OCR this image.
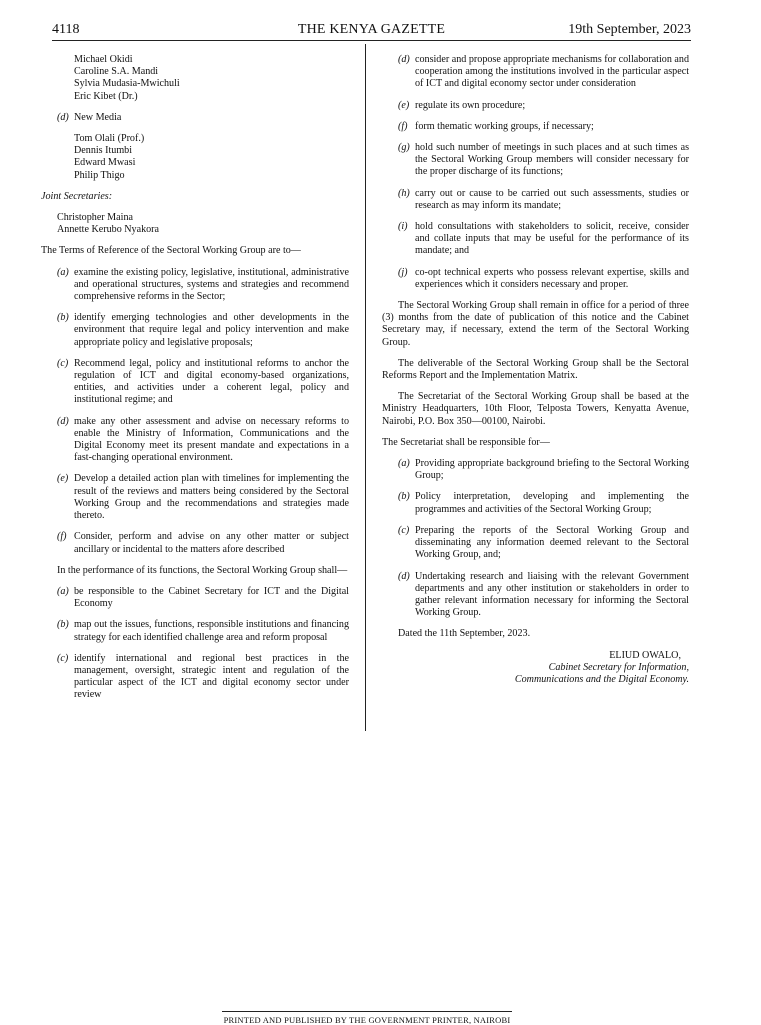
4118	THE KENYA GAZETTE	19th September, 2023

Michael Okidi

Caroline S.A. Mandi

Sylvia Mudasia-Mwichuli

Eric Kibet (Dr.)

(d) New Media

Tom Olali (Prof.)

Dennis Itumbi

Edward Mwasi

Philip Thigo

Joint Secretaries:

Christopher Maina

Annette Kerubo Nyakora

The Terms of Reference of the Sectoral Working Group are to—

(a) examine the existing policy, legislative, institutional, administrative and operational structures, systems and strategies and recommend comprehensive reforms in the Sector;
(b) identify emerging technologies and other developments in the environment that require legal and policy intervention and make appropriate policy and legislative proposals;
(c) Recommend legal, policy and institutional reforms to anchor the regulation of ICT and digital economy-based organizations, entities, and activities under a coherent legal, policy and institutional regime; and
(d) make any other assessment and advise on necessary reforms to enable the Ministry of Information, Communications and the Digital Economy meet its present mandate and expectations in a fast-changing operational environment.
(e) Develop a detailed action plan with timelines for implementing the result of the reviews and matters being considered by the Sectoral Working Group and the recommendations and strategies made thereto.
(f) Consider, perform and advise on any other matter or subject ancillary or incidental to the matters afore described

In the performance of its functions, the Sectoral Working Group shall—

(a) be responsible to the Cabinet Secretary for ICT and the Digital Economy
(b) map out the issues, functions, responsible institutions and financing strategy for each identified challenge area and reform proposal
(c) identify international and regional best practices in the management, oversight, strategic intent and regulation of the particular aspect of the ICT and digital economy sector under review
(d) consider and propose appropriate mechanisms for collaboration and cooperation among the institutions involved in the particular aspect of ICT and digital economy sector under consideration
(e) regulate its own procedure;
(f) form thematic working groups, if necessary;
(g) hold such number of meetings in such places and at such times as the Sectoral Working Group members will consider necessary for the proper discharge of its functions;
(h) carry out or cause to be carried out such assessments, studies or research as may inform its mandate;
(i) hold consultations with stakeholders to solicit, receive, consider and collate inputs that may be useful for the performance of its mandate; and
(j) co-opt technical experts who possess relevant expertise, skills and experiences which it considers necessary and proper.

The Sectoral Working Group shall remain in office for a period of three (3) months from the date of publication of this notice and the Cabinet Secretary may, if necessary, extend the term of the Sectoral Working Group.

The deliverable of the Sectoral Working Group shall be the Sectoral Reforms Report and the Implementation Matrix.

The Secretariat of the Sectoral Working Group shall be based at the Ministry Headquarters, 10th Floor, Telposta Towers, Kenyatta Avenue, Nairobi, P.O. Box 350—00100, Nairobi.

The Secretariat shall be responsible for—

(a) Providing appropriate background briefing to the Sectoral Working Group;
(b) Policy interpretation, developing and implementing the programmes and activities of the Sectoral Working Group;
(c) Preparing the reports of the Sectoral Working Group and disseminating any information deemed relevant to the Sectoral Working Group, and;
(d) Undertaking research and liaising with the relevant Government departments and any other institution or stakeholders in order to gather relevant information necessary for informing the Sectoral Working Group.

Dated the 11th September, 2023.

ELIUD OWALO,

Cabinet Secretary for Information,

Communications and the Digital Economy.

PRINTED AND PUBLISHED BY THE GOVERNMENT PRINTER, NAIROBI
